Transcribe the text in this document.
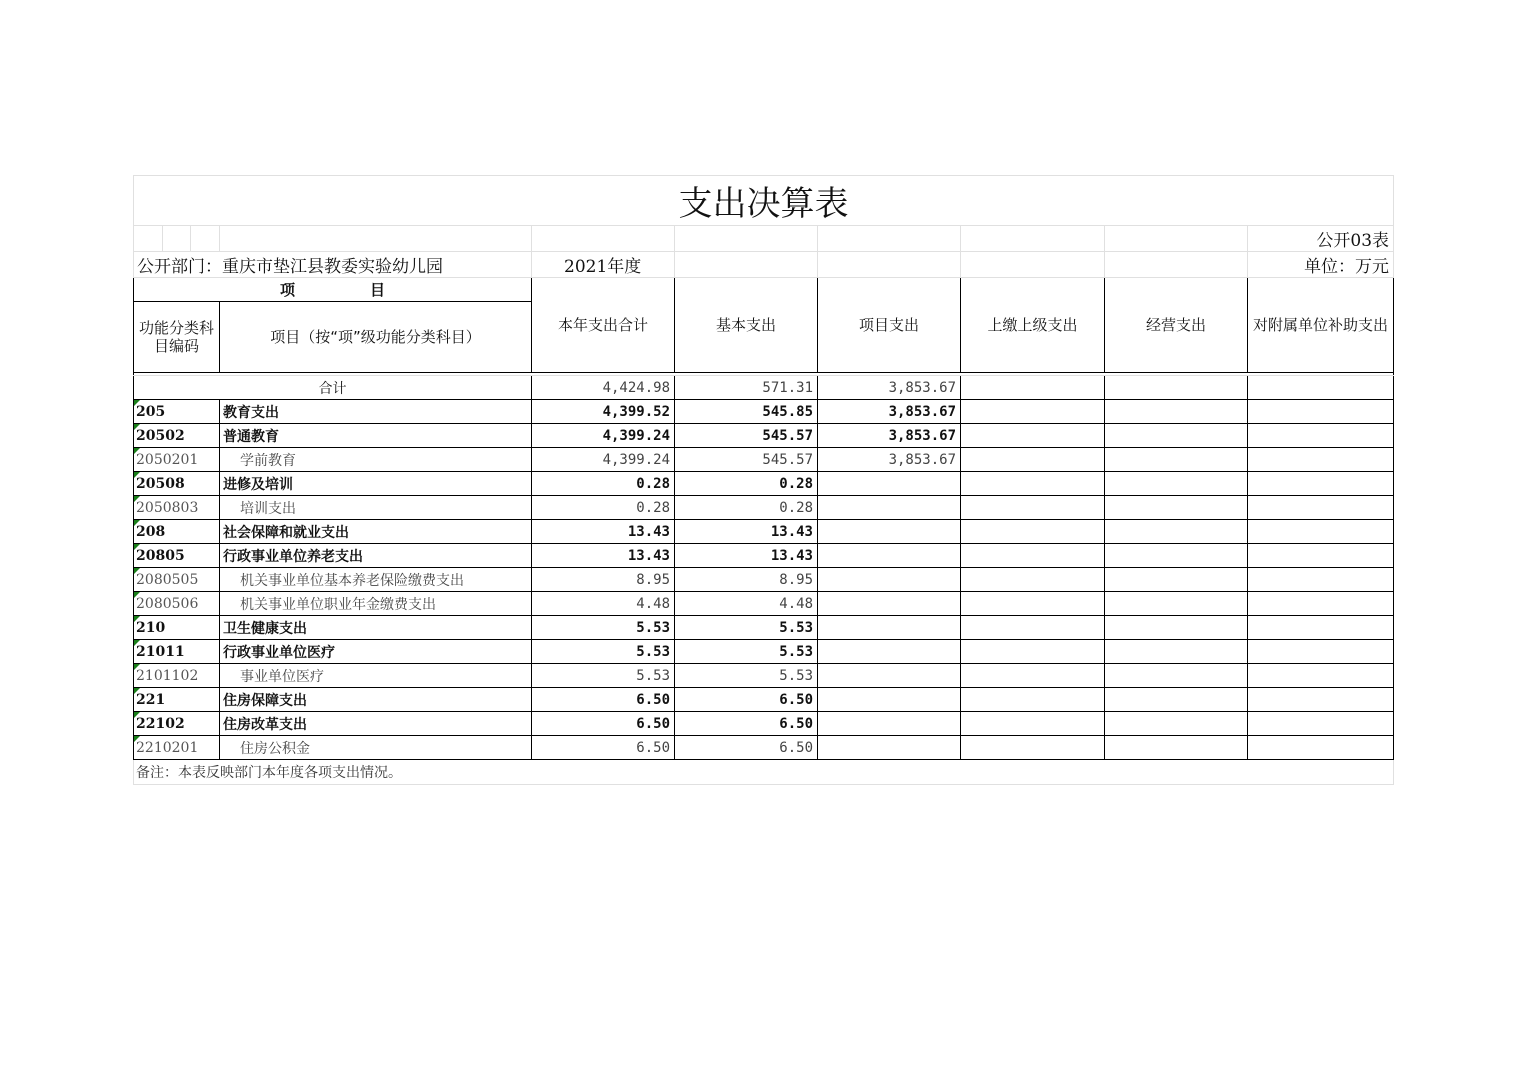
支出决算表									
									公开03表
公开部门：重庆市垫江县教委实验幼儿园				2021年度					单位：万元
项　　　　　目				本年支出合计	基本支出	项目支出	上缴上级支出	经营支出	对附属单位补助支出
功能分类科目编码			项目（按“项”级功能分类科目）						

合计				4,424.98	571.31	3,853.67			

205			教育支出	4,399.52	545.85	3,853.67			

20502			普通教育	4,399.24	545.57	3,853.67			

2050201			学前教育	4,399.24	545.57	3,853.67			

20508			进修及培训	0.28	0.28				

2050803			培训支出	0.28	0.28				

208			社会保障和就业支出	13.43	13.43				

20805			行政事业单位养老支出	13.43	13.43				

2080505			机关事业单位基本养老保险缴费支出	8.95	8.95				

2080506			机关事业单位职业年金缴费支出	4.48	4.48				

210			卫生健康支出	5.53	5.53				

21011			行政事业单位医疗	5.53	5.53				

2101102			事业单位医疗	5.53	5.53				

221			住房保障支出	6.50	6.50				

22102			住房改革支出	6.50	6.50				

2210201			住房公积金	6.50	6.50				
备注：本表反映部门本年度各项支出情况。									
